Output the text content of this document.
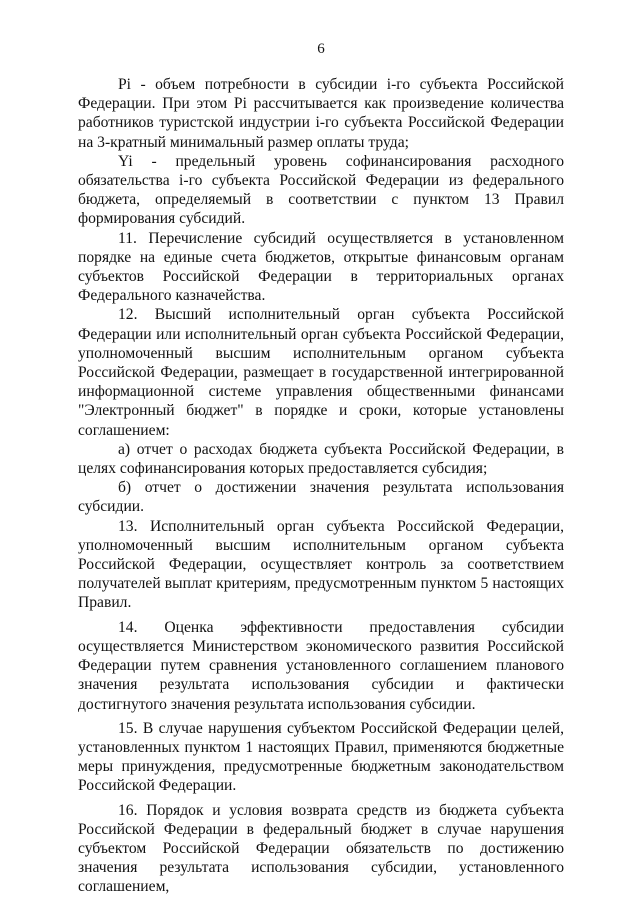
6

Pi - объем потребности в субсидии i-го субъекта Российской Федерации. При этом Pi рассчитывается как произведение количества работников туристской индустрии i-го субъекта Российской Федерации на 3-кратный минимальный размер оплаты труда;

Yi - предельный уровень софинансирования расходного обязательства i-го субъекта Российской Федерации из федерального бюджета, определяемый в соответствии с пунктом 13 Правил формирования субсидий.

11. Перечисление субсидий осуществляется в установленном порядке на единые счета бюджетов, открытые финансовым органам субъектов Российской Федерации в территориальных органах Федерального казначейства.

12. Высший исполнительный орган субъекта Российской Федерации или исполнительный орган субъекта Российской Федерации, уполномоченный высшим исполнительным органом субъекта Российской Федерации, размещает в государственной интегрированной информационной системе управления общественными финансами "Электронный бюджет" в порядке и сроки, которые установлены соглашением:

а) отчет о расходах бюджета субъекта Российской Федерации, в целях софинансирования которых предоставляется субсидия;

б) отчет о достижении значения результата использования субсидии.

13. Исполнительный орган субъекта Российской Федерации, уполномоченный высшим исполнительным органом субъекта Российской Федерации, осуществляет контроль за соответствием получателей выплат критериям, предусмотренным пунктом 5 настоящих Правил.

14. Оценка эффективности предоставления субсидии осуществляется Министерством экономического развития Российской Федерации путем сравнения установленного соглашением планового значения результата использования субсидии и фактически достигнутого значения результата использования субсидии.

15. В случае нарушения субъектом Российской Федерации целей, установленных пунктом 1 настоящих Правил, применяются бюджетные меры принуждения, предусмотренные бюджетным законодательством Российской Федерации.

16. Порядок и условия возврата средств из бюджета субъекта Российской Федерации в федеральный бюджет в случае нарушения субъектом Российской Федерации обязательств по достижению значения результата использования субсидии, установленного соглашением,
